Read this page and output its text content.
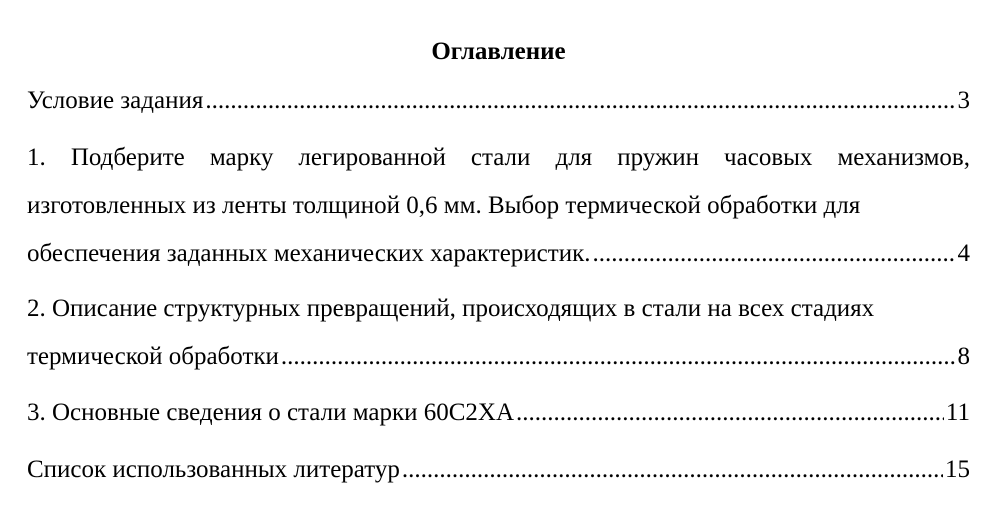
Оглавление
Условие задания .....	3
1. Подберите марку легированной стали для пружин часовых механизмов, изготовленных из ленты толщиной 0,6 мм. Выбор термической обработки для
обеспечения заданных механических характеристик. .....	4
2. Описание структурных превращений, происходящих в стали на всех стадиях
термической обработки .....	8
3. Основные сведения о стали марки 60С2ХА .....	11
Список использованных литератур .....	15
